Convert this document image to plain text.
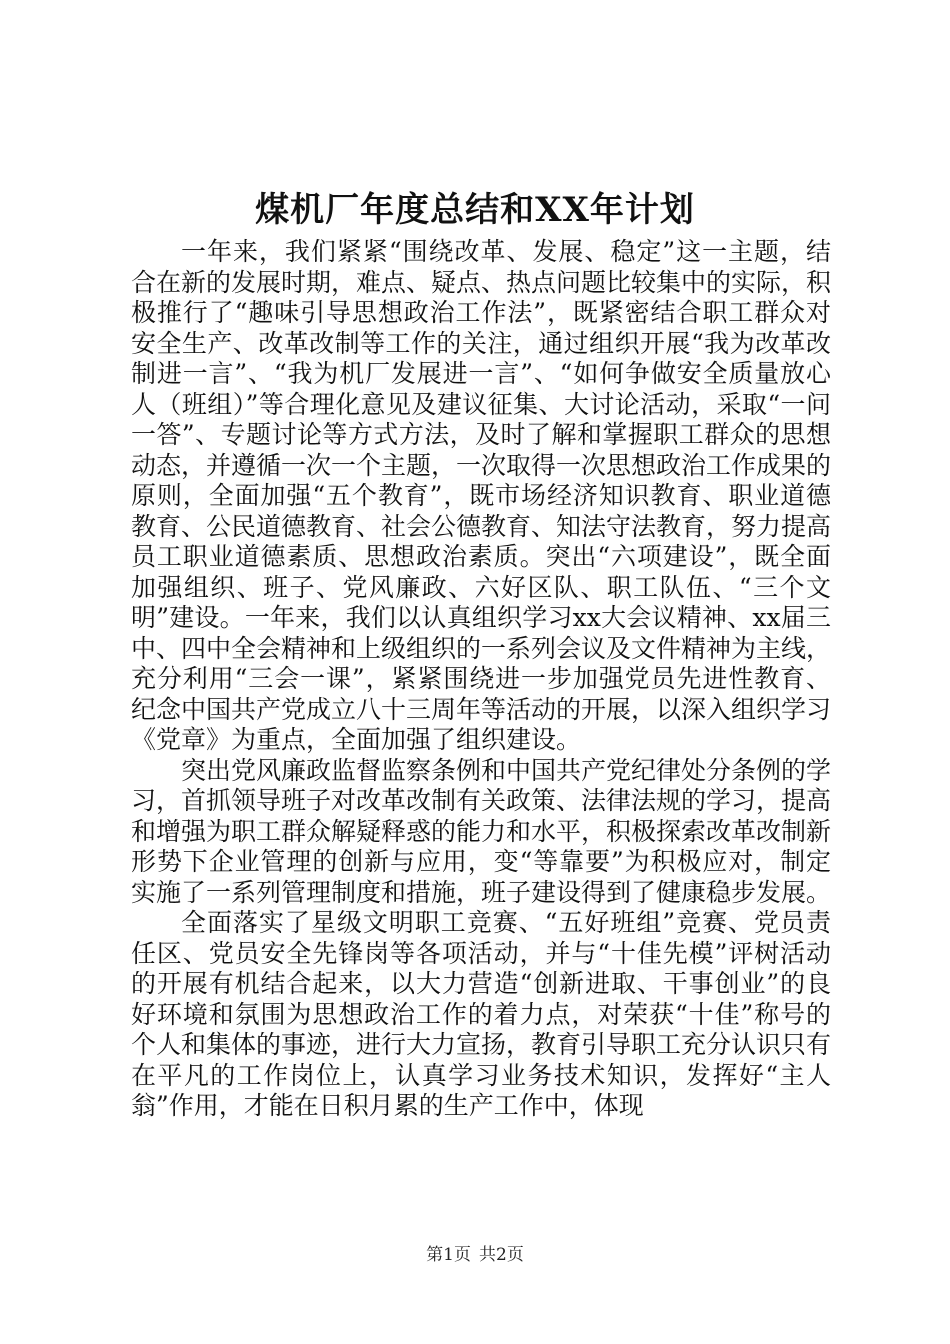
煤机厂年度总结和XX年计划

一年来，我们紧紧“围绕改革、发展、稳定”这一主题，结合在新的发展时期，难点、疑点、热点问题比较集中的实际，积极推行了“趣味引导思想政治工作法”，既紧密结合职工群众对安全生产、改革改制等工作的关注，通过组织开展“我为改革改制进一言”、“我为机厂发展进一言”、“如何争做安全质量放心人（班组）”等合理化意见及建议征集、大讨论活动，采取“一问一答”、专题讨论等方式方法，及时了解和掌握职工群众的思想动态，并遵循一次一个主题，一次取得一次思想政治工作成果的原则，全面加强“五个教育”，既市场经济知识教育、职业道德教育、公民道德教育、社会公德教育、知法守法教育，努力提高员工职业道德素质、思想政治素质。突出“六项建设”，既全面加强组织、班子、党风廉政、六好区队、职工队伍、“三个文明”建设。一年来，我们以认真组织学习xx大会议精神、xx届三中、四中全会精神和上级组织的一系列会议及文件精神为主线，充分利用“三会一课”，紧紧围绕进一步加强党员先进性教育、纪念中国共产党成立八十三周年等活动的开展，以深入组织学习《党章》为重点，全面加强了组织建设。

突出党风廉政监督监察条例和中国共产党纪律处分条例的学习，首抓领导班子对改革改制有关政策、法律法规的学习，提高和增强为职工群众解疑释惑的能力和水平，积极探索改革改制新形势下企业管理的创新与应用，变“等靠要”为积极应对，制定实施了一系列管理制度和措施，班子建设得到了健康稳步发展。

全面落实了星级文明职工竞赛、“五好班组”竞赛、党员责任区、党员安全先锋岗等各项活动，并与“十佳先模”评树活动的开展有机结合起来，以大力营造“创新进取、干事创业”的良好环境和氛围为思想政治工作的着力点，对荣获“十佳”称号的个人和集体的事迹，进行大力宣扬，教育引导职工充分认识只有在平凡的工作岗位上，认真学习业务技术知识，发挥好“主人翁”作用，才能在日积月累的生产工作中，体现

第1页 共2页
